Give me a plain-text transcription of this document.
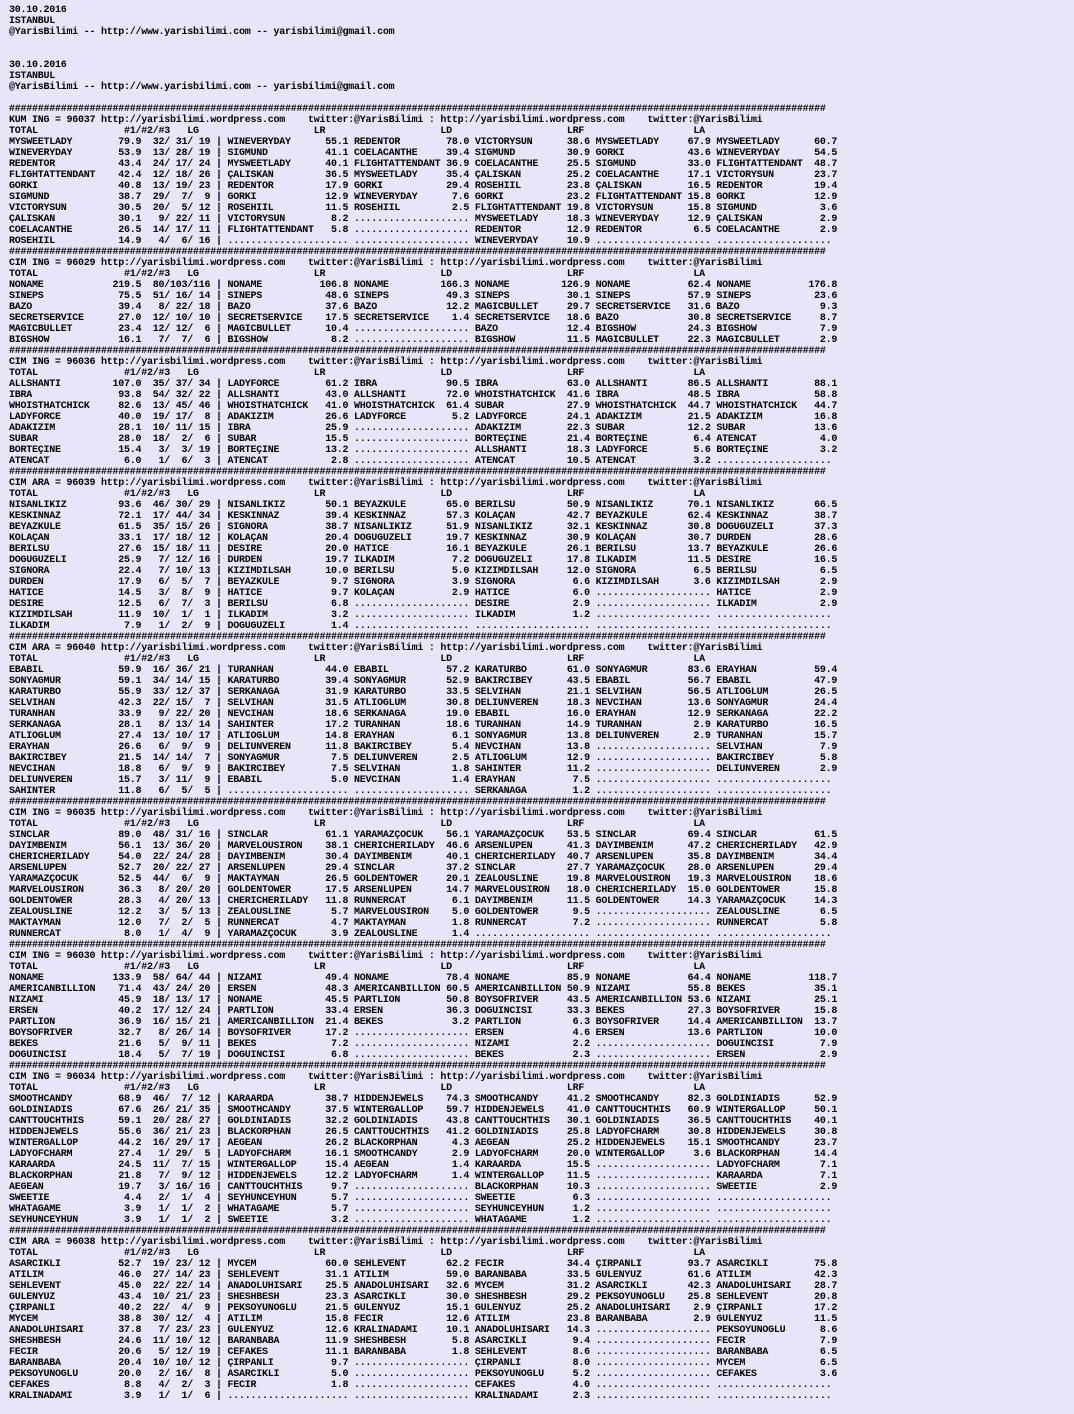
30.10.2016
ISTANBUL
@YarisBilimi -- http://www.yarisbilimi.com -- yarisbilimi@gmail.com
30.10.2016
ISTANBUL
@YarisBilimi -- http://www.yarisbilimi.com -- yarisbilimi@gmail.com
##############################################################################################################################################
KUM ING = 96037 http://yarisbilimi.wordpress.com    twitter:@YarisBilimi : http://yarisbilimi.wordpress.com    twitter:@YarisBilimi
TOTAL               #1/#2/#3   LG                    LR                    LD                    LRF                   LA
MYSWEETLADY        79.9  32/ 31/ 19 | WINEVERYDAY      55.1 REDENTOR        78.0 VICTORYSUN      38.6 MYSWEETLADY     67.9 MYSWEETLADY      60.7
WINEVERYDAY        53.9  13/ 28/ 19 | SIGMUND          41.1 COELACANTHE     39.4 SIGMUND         30.9 GORKI           43.6 WINEVERYDAY      54.5
REDENTOR           43.4  24/ 17/ 24 | MYSWEETLADY      40.1 FLIGHTATTENDANT 36.9 COELACANTHE     25.5 SIGMUND         33.0 FLIGHTATTENDANT  48.7
FLIGHTATTENDANT    42.4  12/ 18/ 26 | ÇALISKAN         36.5 MYSWEETLADY     35.4 ÇALISKAN        25.2 COELACANTHE     17.1 VICTORYSUN       23.7
GORKI              40.8  13/ 19/ 23 | REDENTOR         17.9 GORKI           29.4 ROSEHIIL        23.8 ÇALISKAN        16.5 REDENTOR         19.4
SIGMUND            38.7  29/  7/  9 | GORKI            12.9 WINEVERYDAY      7.6 GORKI           23.2 FLIGHTATTENDANT 15.8 GORKI            12.9
VICTORYSUN         30.5  20/  5/ 12 | ROSEHIIL         11.5 ROSEHIIL         2.5 FLIGHTATTENDANT 19.8 VICTORYSUN      15.8 SIGMUND           3.6
ÇALISKAN           30.1   9/ 22/ 11 | VICTORYSUN        8.2 .................... MYSWEETLADY     18.3 WINEVERYDAY     12.9 ÇALISKAN          2.9
COELACANTHE        26.5  14/ 17/ 11 | FLIGHTATTENDANT   5.8 .................... REDENTOR        12.9 REDENTOR         6.5 COELACANTHE       2.9
ROSEHIIL           14.9   4/  6/ 16 | ..................... .................... WINEVERYDAY     10.9 .................... ....................
##############################################################################################################################################
CIM ING = 96029 http://yarisbilimi.wordpress.com    twitter:@YarisBilimi : http://yarisbilimi.wordpress.com    twitter:@YarisBilimi
TOTAL               #1/#2/#3   LG                    LR                    LD                    LRF                   LA
NONAME            219.5  80/103/116 | NONAME          106.8 NONAME         166.3 NONAME         126.9 NONAME          62.4 NONAME          176.8
SINEPS             75.5  51/ 16/ 14 | SINEPS           48.6 SINEPS          49.3 SINEPS          30.1 SINEPS          57.9 SINEPS           23.6
BAZO               39.4   8/ 22/ 18 | BAZO             37.6 BAZO            12.2 MAGICBULLET     29.7 SECRETSERVICE   31.6 BAZO              9.3
SECRETSERVICE      27.0  12/ 10/ 10 | SECRETSERVICE    17.5 SECRETSERVICE    1.4 SECRETSERVICE   18.6 BAZO            30.8 SECRETSERVICE     8.7
MAGICBULLET        23.4  12/ 12/  6 | MAGICBULLET      10.4 .................... BAZO            12.4 BIGSHOW         24.3 BIGSHOW           7.9
BIGSHOW            16.1   7/  7/  6 | BIGSHOW           8.2 .................... BIGSHOW         11.5 MAGICBULLET     22.3 MAGICBULLET       2.9
##############################################################################################################################################
CIM ING = 96036 http://yarisbilimi.wordpress.com    twitter:@YarisBilimi : http://yarisbilimi.wordpress.com    twitter:@YarisBilimi
TOTAL               #1/#2/#3   LG                    LR                    LD                    LRF                   LA
ALLSHANTI         107.0  35/ 37/ 34 | LADYFORCE        61.2 IBRA            90.5 IBRA            63.0 ALLSHANTI       86.5 ALLSHANTI        88.1
IBRA               93.8  54/ 32/ 22 | ALLSHANTI        43.0 ALLSHANTI       72.0 WHOISTHATCHICK  41.6 IBRA            48.5 IBRA             58.8
WHOISTHATCHICK     82.6  13/ 45/ 46 | WHOISTHATCHICK   41.0 WHOISTHATCHICK  61.4 SUBAR           27.9 WHOISTHATCHICK  44.7 WHOISTHATCHICK   44.7
LADYFORCE          40.0  19/ 17/  8 | ADAKIZIM         26.6 LADYFORCE        5.2 LADYFORCE       24.1 ADAKIZIM        21.5 ADAKIZIM         16.8
ADAKIZIM           28.1  10/ 11/ 15 | IBRA             25.9 .................... ADAKIZIM        22.3 SUBAR           12.2 SUBAR            13.6
SUBAR              28.0  18/  2/  6 | SUBAR            15.5 .................... BORTEÇINE       21.4 BORTEÇINE        6.4 ATENCAT           4.0
BORTEÇINE          15.4   3/  3/ 19 | BORTEÇINE        13.2 .................... ALLSHANTI       18.3 LADYFORCE        5.6 BORTEÇINE         3.2
ATENCAT             6.0   1/  6/  3 | ATENCAT           2.8 .................... ATENCAT         10.5 ATENCAT          3.2 ....................
##############################################################################################################################################
CIM ARA = 96039 http://yarisbilimi.wordpress.com    twitter:@YarisBilimi : http://yarisbilimi.wordpress.com    twitter:@YarisBilimi
TOTAL               #1/#2/#3   LG                    LR                    LD                    LRF                   LA
NISANLIKIZ         93.6  46/ 30/ 29 | NISANLIKIZ       50.1 BEYAZKULE       65.0 BERILSU         50.9 NISANLIKIZ      70.1 NISANLIKIZ       66.5
KESKINNAZ          72.1  17/ 44/ 34 | KESKINNAZ        39.4 KESKINNAZ       57.3 KOLAÇAN         42.7 BEYAZKULE       62.4 KESKINNAZ        38.7
BEYAZKULE          61.5  35/ 15/ 26 | SIGNORA          38.7 NISANLIKIZ      51.9 NISANLIKIZ      32.1 KESKINNAZ       30.8 DOGUGUZELI       37.3
KOLAÇAN            33.1  17/ 18/ 12 | KOLAÇAN          20.4 DOGUGUZELI      19.7 KESKINNAZ       30.9 KOLAÇAN         30.7 DURDEN           28.6
BERILSU            27.6  15/ 18/ 11 | DESIRE           20.0 HATICE          16.1 BEYAZKULE       26.1 BERILSU         13.7 BEYAZKULE        26.6
DOGUGUZELI         25.9   7/ 12/ 16 | DURDEN           19.7 ILKADIM          7.2 DOGUGUZELI      17.8 ILKADIM         11.5 DESIRE           16.5
SIGNORA            22.4   7/ 10/ 13 | KIZIMDILSAH      10.0 BERILSU          5.0 KIZIMDILSAH     12.0 SIGNORA          6.5 BERILSU           6.5
DURDEN             17.9   6/  5/  7 | BEYAZKULE         9.7 SIGNORA          3.9 SIGNORA          6.6 KIZIMDILSAH      3.6 KIZIMDILSAH       2.9
HATICE             14.5   3/  8/  9 | HATICE            9.7 KOLAÇAN          2.9 HATICE           6.0 .................... HATICE            2.9
DESIRE             12.5   6/  7/  3 | BERILSU           6.8 .................... DESIRE           2.9 .................... ILKADIM           2.9
KIZIMDILSAH        11.9  10/  1/  1 | ILKADIM           3.2 .................... ILKADIM          1.2 .................... ....................
ILKADIM             7.9   1/  2/  9 | DOGUGUZELI        1.4 .................... .................... .................... ....................
##############################################################################################################################################
CIM ARA = 96040 http://yarisbilimi.wordpress.com    twitter:@YarisBilimi : http://yarisbilimi.wordpress.com    twitter:@YarisBilimi
TOTAL               #1/#2/#3   LG                    LR                    LD                    LRF                   LA
EBABIL             59.9  16/ 36/ 21 | TURANHAN         44.0 EBABIL          57.2 KARATURBO       61.0 SONYAGMUR       83.6 ERAYHAN          59.4
SONYAGMUR          59.1  34/ 14/ 15 | KARATURBO        39.4 SONYAGMUR       52.9 BAKIRCIBEY      43.5 EBABIL          56.7 EBABIL           47.9
KARATURBO          55.9  33/ 12/ 37 | SERKANAGA        31.9 KARATURBO       33.5 SELVIHAN        21.1 SELVIHAN        56.5 ATLIOGLUM        26.5
SELVIHAN           42.3  22/ 15/  7 | SELVIHAN         31.5 ATLIOGLUM       30.8 DELIUNVEREN     18.3 NEVCIHAN        13.6 SONYAGMUR        24.4
TURANHAN           33.9   9/ 22/ 20 | NEVCIHAN         18.6 SERKANAGA       19.0 EBABIL          16.0 ERAYHAN         12.9 SERKANAGA        22.2
SERKANAGA          28.1   8/ 13/ 14 | SAHINTER         17.2 TURANHAN        18.6 TURANHAN        14.9 TURANHAN         2.9 KARATURBO        16.5
ATLIOGLUM          27.4  13/ 10/ 17 | ATLIOGLUM        14.8 ERAYHAN          6.1 SONYAGMUR       13.8 DELIUNVEREN      2.9 TURANHAN         15.7
ERAYHAN            26.6   6/  9/  9 | DELIUNVEREN      11.8 BAKIRCIBEY       5.4 NEVCIHAN        13.8 .................... SELVIHAN          7.9
BAKIRCIBEY         21.5  14/ 14/  7 | SONYAGMUR         7.5 DELIUNVEREN      2.5 ATLIOGLUM       12.9 .................... BAKIRCIBEY        5.8
NEVCIHAN           18.8   6/  9/  9 | BAKIRCIBEY        7.5 SELVIHAN         1.8 SAHINTER        11.2 .................... DELIUNVEREN       2.9
DELIUNVEREN        15.7   3/ 11/  9 | EBABIL            5.0 NEVCIHAN         1.4 ERAYHAN          7.5 .................... ....................
SAHINTER           11.8   6/  5/  5 | ..................... .................... SERKANAGA        1.2 .................... ....................
##############################################################################################################################################
CIM ING = 96035 http://yarisbilimi.wordpress.com    twitter:@YarisBilimi : http://yarisbilimi.wordpress.com    twitter:@YarisBilimi
TOTAL               #1/#2/#3   LG                    LR                    LD                    LRF                   LA
SINCLAR            89.0  48/ 31/ 16 | SINCLAR          61.1 YARAMAZÇOCUK    56.1 YARAMAZÇOCUK    53.5 SINCLAR         69.4 SINCLAR          61.5
DAYIMBENIM         56.1  13/ 36/ 20 | MARVELOUSIRON    38.1 CHERICHERILADY  46.6 ARSENLUPEN      41.3 DAYIMBENIM      47.2 CHERICHERILADY   42.9
CHERICHERILADY     54.0  22/ 24/ 28 | DAYIMBENIM       30.4 DAYIMBENIM      40.1 CHERICHERILADY  40.7 ARSENLUPEN      35.8 DAYIMBENIM       34.4
ARSENLUPEN         52.7  20/ 22/ 27 | ARSENLUPEN       29.4 SINCLAR         37.2 SINCLAR         27.7 YARAMAZÇOCUK    28.0 ARSENLUPEN       29.4
YARAMAZÇOCUK       52.5  44/  6/  9 | MAKTAYMAN        26.5 GOLDENTOWER     20.1 ZEALOUSLINE     19.8 MARVELOUSIRON   19.3 MARVELOUSIRON    18.6
MARVELOUSIRON      36.3   8/ 20/ 20 | GOLDENTOWER      17.5 ARSENLUPEN      14.7 MARVELOUSIRON   18.0 CHERICHERILADY  15.0 GOLDENTOWER      15.8
GOLDENTOWER        28.3   4/ 20/ 13 | CHERICHERILADY   11.8 RUNNERCAT        6.1 DAYIMBENIM      11.5 GOLDENTOWER     14.3 YARAMAZÇOCUK     14.3
ZEALOUSLINE        12.2   3/  5/ 13 | ZEALOUSLINE       5.7 MARVELOUSIRON    5.0 GOLDENTOWER      9.5 .................... ZEALOUSLINE       6.5
MAKTAYMAN          12.0   7/  2/  5 | RUNNERCAT         4.7 MAKTAYMAN        1.8 RUNNERCAT        7.2 .................... RUNNERCAT         5.8
RUNNERCAT           8.0   1/  4/  9 | YARAMAZÇOCUK      3.9 ZEALOUSLINE      1.4 .................... .................... ....................
##############################################################################################################################################
CIM ING = 96030 http://yarisbilimi.wordpress.com    twitter:@YarisBilimi : http://yarisbilimi.wordpress.com    twitter:@YarisBilimi
TOTAL               #1/#2/#3   LG                    LR                    LD                    LRF                   LA
NONAME            133.9  58/ 64/ 44 | NIZAMI           49.4 NONAME          78.4 NONAME          85.9 NONAME          64.4 NONAME          118.7
AMERICANBILLION    71.4  43/ 24/ 20 | ERSEN            48.3 AMERICANBILLION 60.5 AMERICANBILLION 50.9 NIZAMI          55.8 BEKES            35.1
NIZAMI             45.9  18/ 13/ 17 | NONAME           45.5 PARTLION        50.8 BOYSOFRIVER     43.5 AMERICANBILLION 53.6 NIZAMI           25.1
ERSEN              40.2  17/ 12/ 24 | PARTLION         33.4 ERSEN           36.3 DOGUINCISI      33.3 BEKES           27.3 BOYSOFRIVER      15.8
PARTLION           36.9  16/ 15/ 21 | AMERICANBILLION  21.4 BEKES            3.2 PARTLION         6.3 BOYSOFRIVER     14.4 AMERICANBILLION  13.7
BOYSOFRIVER        32.7   8/ 26/ 14 | BOYSOFRIVER      17.2 .................... ERSEN            4.6 ERSEN           13.6 PARTLION         10.0
BEKES              21.6   5/  9/ 11 | BEKES             7.2 .................... NIZAMI           2.2 .................... DOGUINCISI        7.9
DOGUINCISI         18.4   5/  7/ 19 | DOGUINCISI        6.8 .................... BEKES            2.3 .................... ERSEN             2.9
##############################################################################################################################################
CIM ING = 96034 http://yarisbilimi.wordpress.com    twitter:@YarisBilimi : http://yarisbilimi.wordpress.com    twitter:@YarisBilimi
TOTAL               #1/#2/#3   LG                    LR                    LD                    LRF                   LA
SMOOTHCANDY        68.9  46/  7/ 12 | KARAARDA         38.7 HIDDENJEWELS    74.3 SMOOTHCANDY     41.2 SMOOTHCANDY     82.3 GOLDINIADIS      52.9
GOLDINIADIS        67.6  26/ 21/ 35 | SMOOTHCANDY      37.5 WINTERGALLOP    59.7 HIDDENJEWELS    41.0 CANTTOUCHTHIS   60.9 WINTERGALLOP     50.1
CANTTOUCHTHIS      59.1  20/ 28/ 27 | GOLDINIADIS      32.2 GOLDINIADIS     43.8 CANTTOUCHTHIS   30.1 GOLDINIADIS     36.5 CANTTOUCHTHIS    40.1
HIDDENJEWELS       55.6  36/ 21/ 23 | BLACKORPHAN      26.5 CANTTOUCHTHIS   41.2 GOLDINIADIS     25.8 LADYOFCHARM     30.8 HIDDENJEWELS     30.8
WINTERGALLOP       44.2  16/ 29/ 17 | AEGEAN           26.2 BLACKORPHAN      4.3 AEGEAN          25.2 HIDDENJEWELS    15.1 SMOOTHCANDY      23.7
LADYOFCHARM        27.4   1/ 29/  5 | LADYOFCHARM      16.1 SMOOTHCANDY      2.9 LADYOFCHARM     20.0 WINTERGALLOP     3.6 BLACKORPHAN      14.4
KARAARDA           24.5  11/  7/ 15 | WINTERGALLOP     15.4 AEGEAN           1.4 KARAARDA        15.5 .................... LADYOFCHARM       7.1
BLACKORPHAN        21.8   7/  9/ 12 | HIDDENJEWELS     12.2 LADYOFCHARM      1.4 WINTERGALLOP    11.5 .................... KARAARDA          7.1
AEGEAN             19.7   3/ 16/ 16 | CANTTOUCHTHIS     9.7 .................... BLACKORPHAN     10.3 .................... SWEETIE           2.9
SWEETIE             4.4   2/  1/  4 | SEYHUNCEYHUN      5.7 .................... SWEETIE          6.3 .................... ....................
WHATAGAME           3.9   1/  1/  2 | WHATAGAME         5.7 .................... SEYHUNCEYHUN     1.2 .................... ....................
SEYHUNCEYHUN        3.9   1/  1/  2 | SWEETIE           3.2 .................... WHATAGAME        1.2 .................... ....................
##############################################################################################################################################
CIM ARA = 96038 http://yarisbilimi.wordpress.com    twitter:@YarisBilimi : http://yarisbilimi.wordpress.com    twitter:@YarisBilimi
TOTAL               #1/#2/#3   LG                    LR                    LD                    LRF                   LA
ASARCIKLI          52.7  19/ 23/ 12 | MYCEM            60.0 SEHLEVENT       62.2 FECIR           34.4 ÇIRPANLI        93.7 ASARCIKLI        75.8
ATILIM             46.0  27/ 14/ 23 | SEHLEVENT        31.1 ATILIM          59.0 BARANBABA       33.5 GULENYUZ        61.6 ATILIM           42.3
SEHLEVENT          45.0  22/ 22/ 14 | ANADOLUHISARI    25.5 ANADOLUHISARI   32.6 MYCEM           31.2 ASARCIKLI       42.3 ANADOLUHISARI    28.7
GULENYUZ           43.4  10/ 21/ 23 | SHESHBESH        23.3 ASARCIKLI       30.0 SHESHBESH       29.2 PEKSOYUNOGLU    25.8 SEHLEVENT        20.8
ÇIRPANLI           40.2  22/  4/  9 | PEKSOYUNOGLU     21.5 GULENYUZ        15.1 GULENYUZ        25.2 ANADOLUHISARI    2.9 ÇIRPANLI         17.2
MYCEM              38.8  30/ 12/  4 | ATILIM           15.8 FECIR           12.6 ATILIM          23.8 BARANBABA        2.9 GULENYUZ         11.5
ANADOLUHISARI      37.8   7/ 23/ 23 | GULENYUZ         12.6 KRALINADAMI     10.1 ANADOLUHISARI   14.3 .................... PEKSOYUNOGLU      8.6
SHESHBESH          24.6  11/ 10/ 12 | BARANBABA        11.9 SHESHBESH        5.8 ASARCIKLI        9.4 .................... FECIR             7.9
FECIR              20.6   5/ 12/ 19 | CEFAKES          11.1 BARANBABA        1.8 SEHLEVENT        8.6 .................... BARANBABA         6.5
BARANBABA          20.4  10/ 10/ 12 | ÇIRPANLI          9.7 .................... ÇIRPANLI         8.0 .................... MYCEM             6.5
PEKSOYUNOGLU       20.0   2/ 16/  8 | ASARCIKLI         5.0 .................... PEKSOYUNOGLU     5.2 .................... CEFAKES           3.6
CEFAKES             8.8   4/  2/  3 | FECIR             1.8 .................... CEFAKES          4.0 .................... ....................
KRALINADAMI         3.9   1/  1/  6 | ..................... .................... KRALINADAMI      2.3 .................... ....................
